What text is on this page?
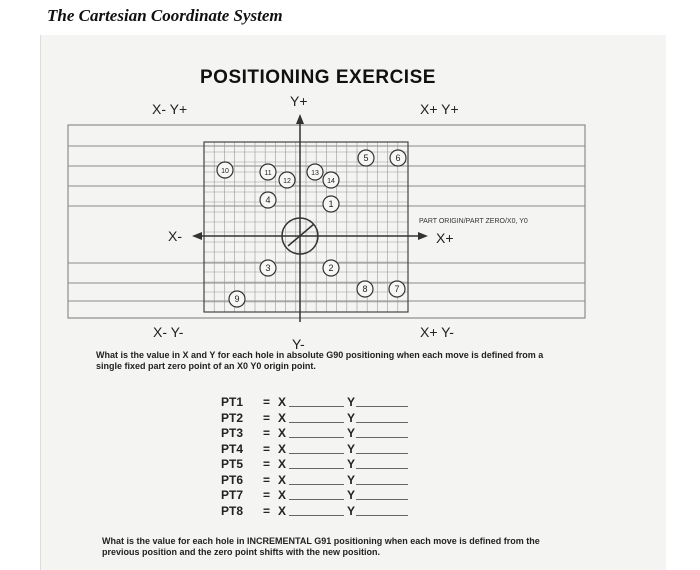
The Cartesian Coordinate System
POSITIONING EXERCISE
X- Y+	Y+	X+ Y+
X-	X+
X- Y-
Y-
X+ Y-
1
2
3
4
5	6
7
8
9
10	11
12
13
14
PART ORIGIN/PART ZERO/X0, Y0
What is the value in X and Y for each hole in absolute G90 positioning when each move is defined from a single fixed part zero point of an X0 Y0 origin point.
PT1	= X	Y
PT2	= X	Y
PT3	= X	Y
PT4	= X	Y
PT5	= X	Y
PT6	= X	Y
PT7	= X	Y
PT8	= X	Y
What is the value for each hole in INCREMENTAL G91 positioning when each move is defined from the previous position and the zero point shifts with the new position.
